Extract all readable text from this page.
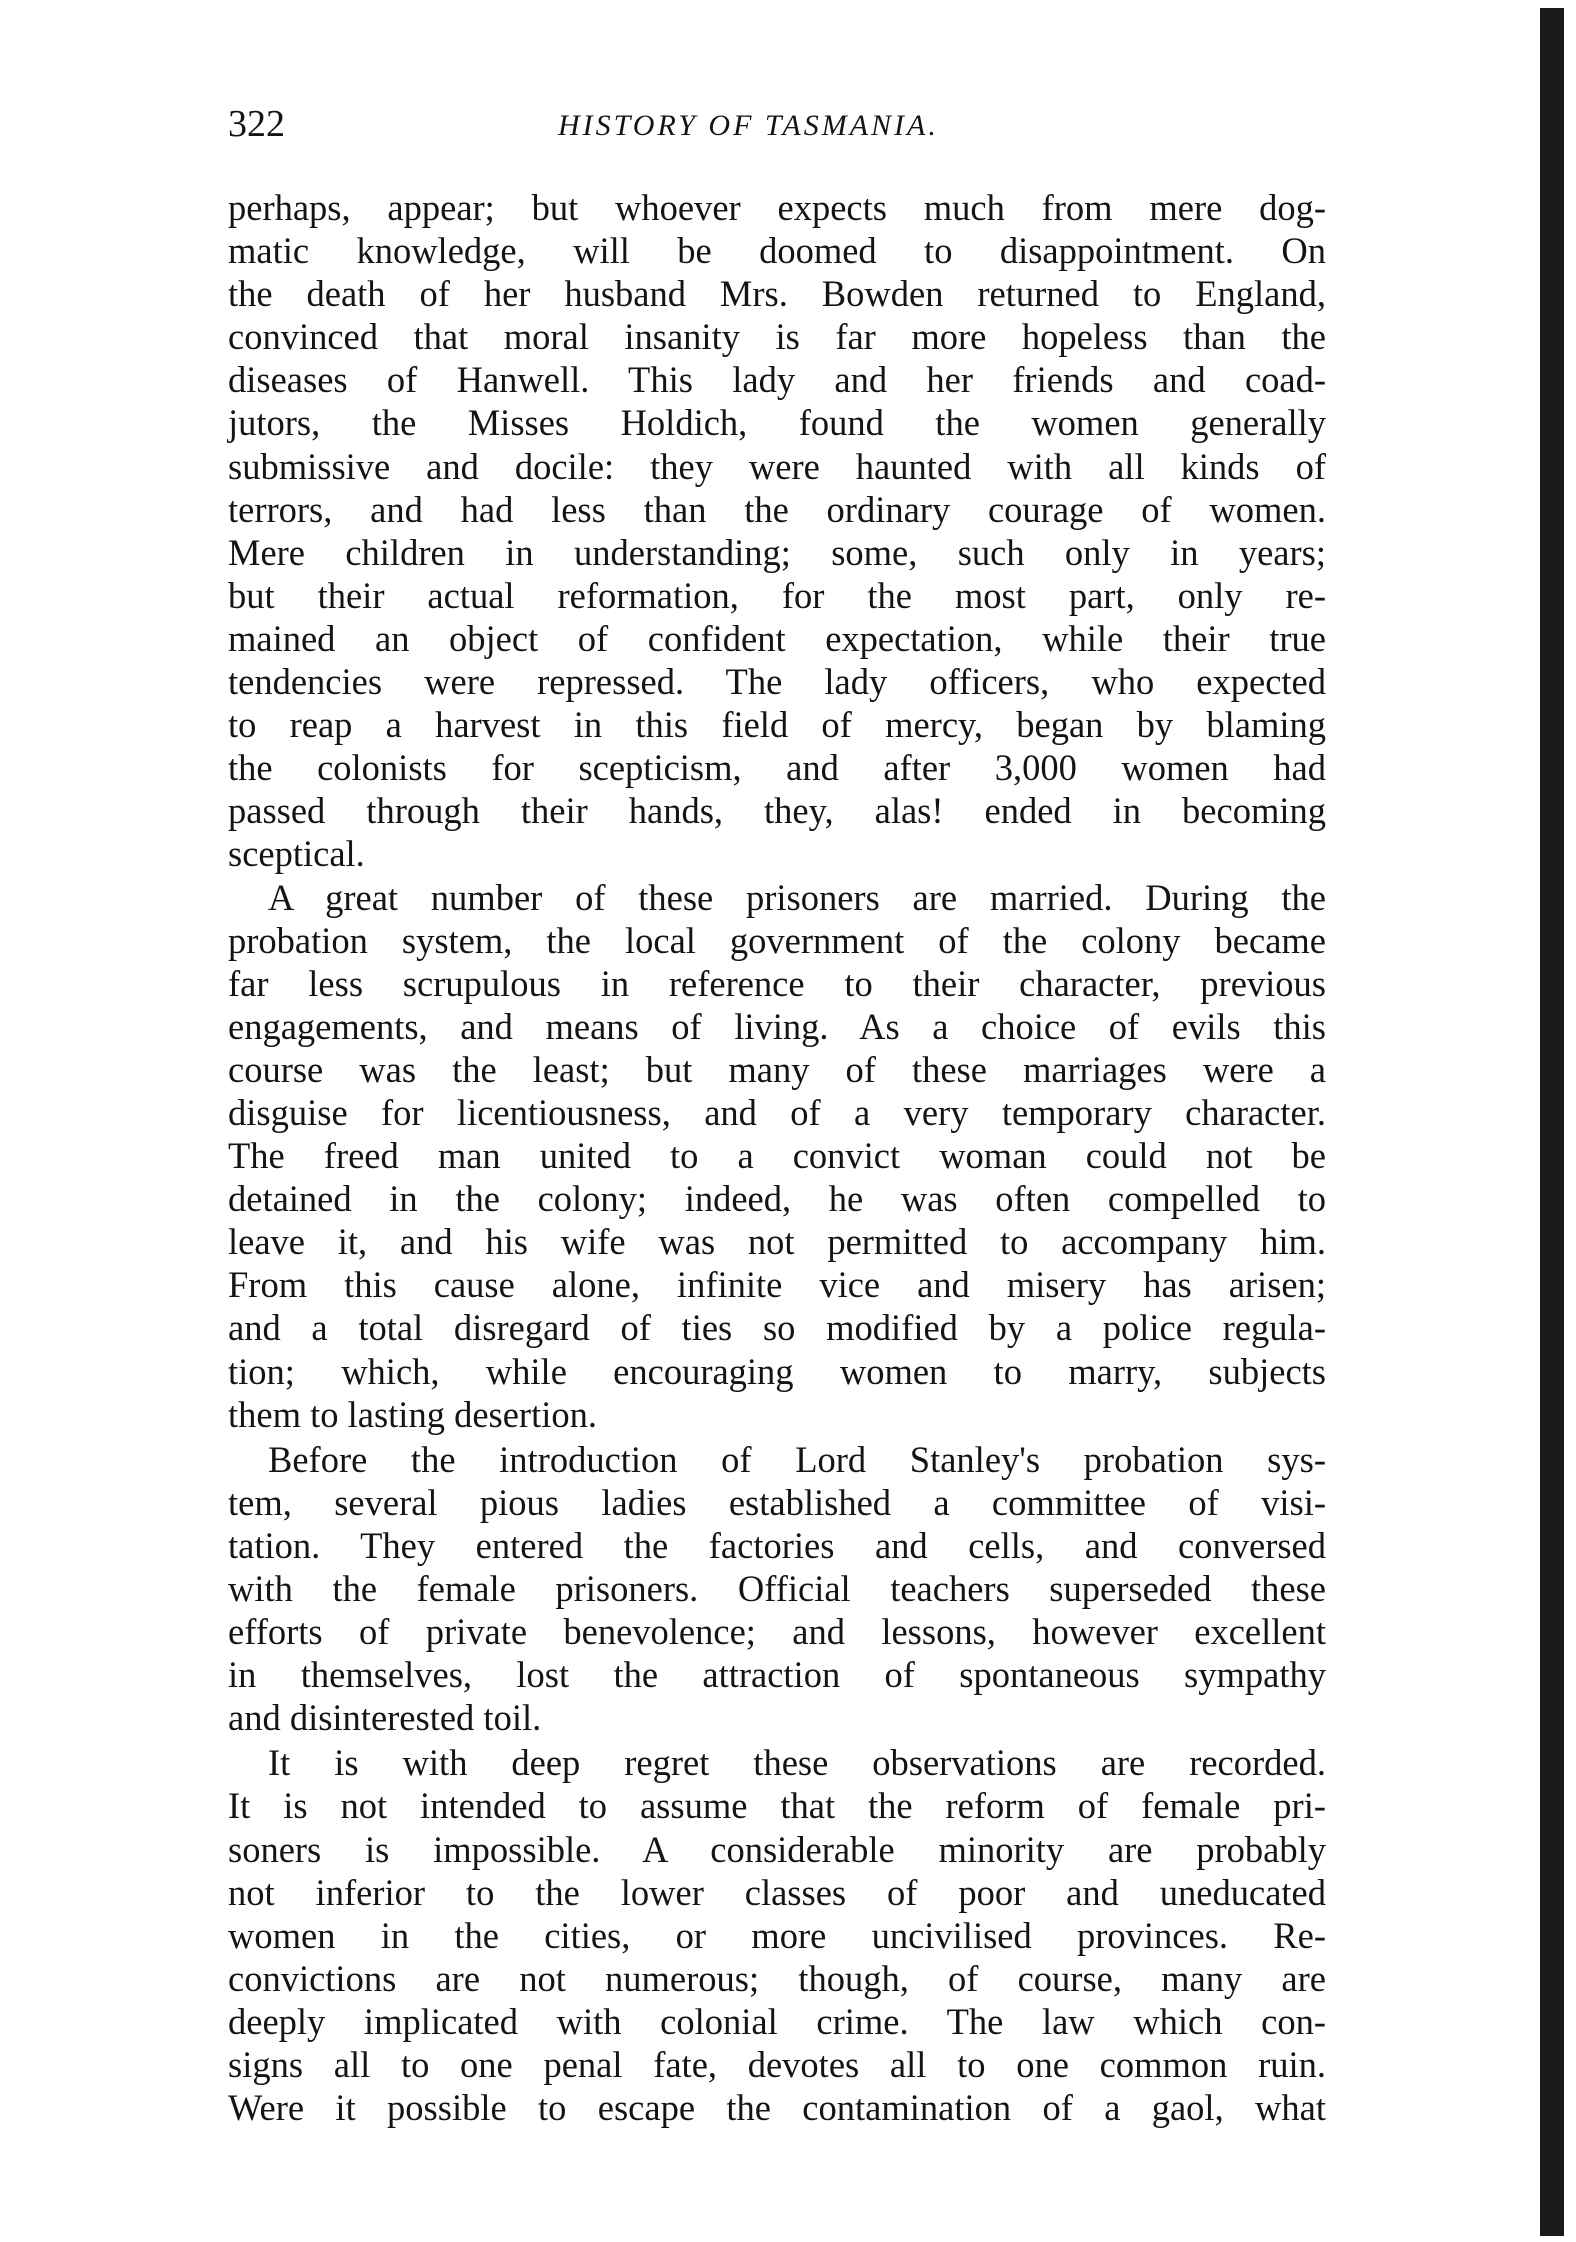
322	HISTORY OF TASMANIA.
perhaps, appear; but whoever expects much from mere dog-
matic knowledge, will be doomed to disappointment. On
the death of her husband Mrs. Bowden returned to England,
convinced that moral insanity is far more hopeless than the
diseases of Hanwell. This lady and her friends and coad-
jutors, the Misses Holdich, found the women generally
submissive and docile: they were haunted with all kinds of
terrors, and had less than the ordinary courage of women.
Mere children in understanding; some, such only in years;
but their actual reformation, for the most part, only re-
mained an object of confident expectation, while their true
tendencies were repressed. The lady officers, who expected
to reap a harvest in this field of mercy, began by blaming
the colonists for scepticism, and after 3,000 women had
passed through their hands, they, alas! ended in becoming
sceptical.
A great number of these prisoners are married. During the
probation system, the local government of the colony became
far less scrupulous in reference to their character, previous
engagements, and means of living. As a choice of evils this
course was the least; but many of these marriages were a
disguise for licentiousness, and of a very temporary character.
The freed man united to a convict woman could not be
detained in the colony; indeed, he was often compelled to
leave it, and his wife was not permitted to accompany him.
From this cause alone, infinite vice and misery has arisen;
and a total disregard of ties so modified by a police regula-
tion; which, while encouraging women to marry, subjects
them to lasting desertion.
Before the introduction of Lord Stanley's probation sys-
tem, several pious ladies established a committee of visi-
tation. They entered the factories and cells, and conversed
with the female prisoners. Official teachers superseded these
efforts of private benevolence; and lessons, however excellent
in themselves, lost the attraction of spontaneous sympathy
and disinterested toil.
It is with deep regret these observations are recorded.
It is not intended to assume that the reform of female pri-
soners is impossible. A considerable minority are probably
not inferior to the lower classes of poor and uneducated
women in the cities, or more uncivilised provinces. Re-
convictions are not numerous; though, of course, many are
deeply implicated with colonial crime. The law which con-
signs all to one penal fate, devotes all to one common ruin.
Were it possible to escape the contamination of a gaol, what
